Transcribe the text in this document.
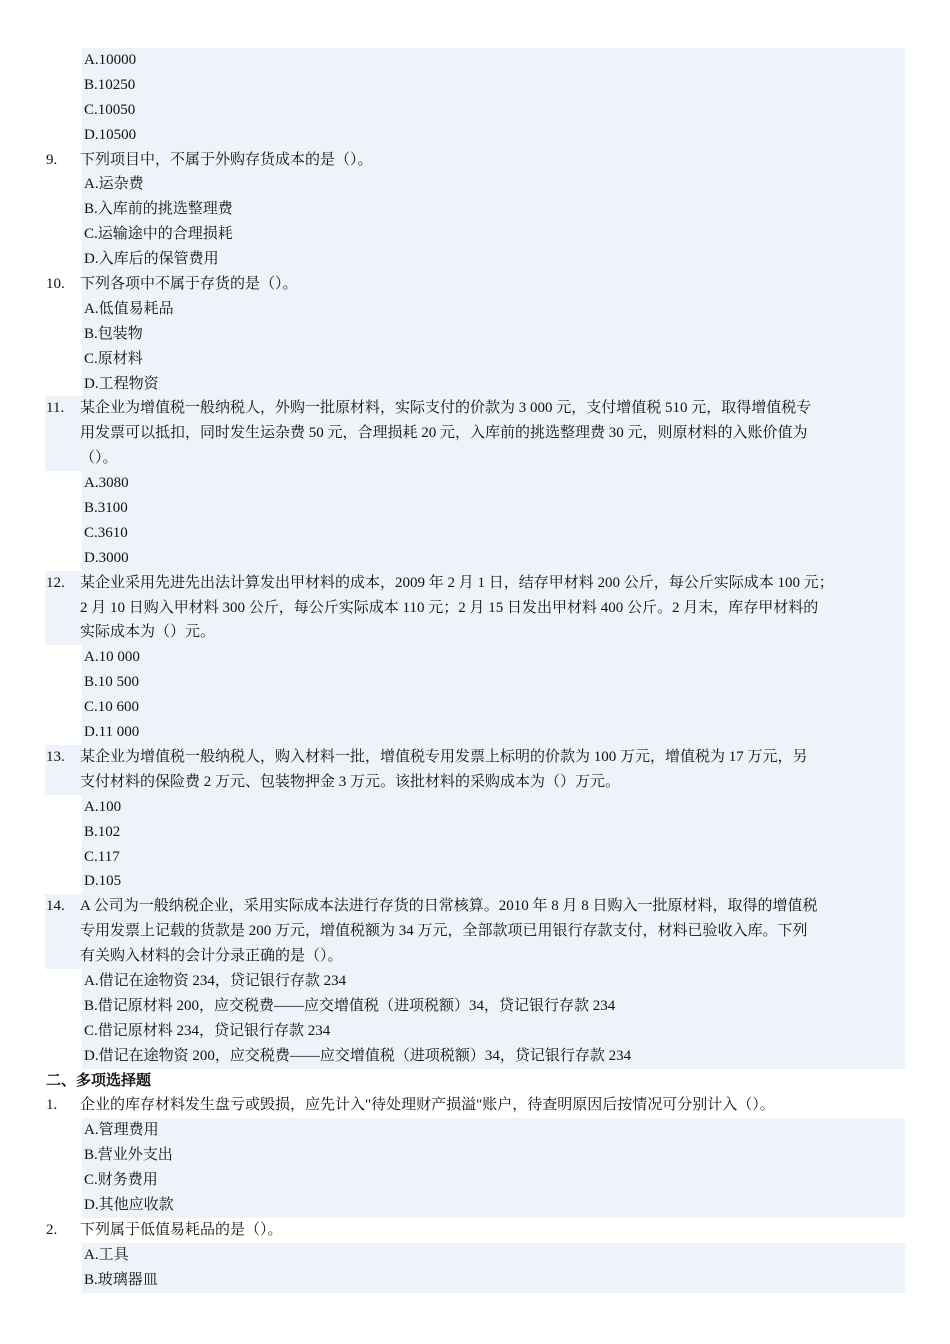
A.10000
B.10250
C.10050
D.10500
9. 下列项目中，不属于外购存货成本的是（）。
A.运杂费
B.入库前的挑选整理费
C.运输途中的合理损耗
D.入库后的保管费用
10. 下列各项中不属于存货的是（）。
A.低值易耗品
B.包装物
C.原材料
D.工程物资
11. 某企业为增值税一般纳税人，外购一批原材料，实际支付的价款为 3 000 元，支付增值税 510 元，取得增值税专
用发票可以抵扣，同时发生运杂费 50 元，合理损耗 20 元，入库前的挑选整理费 30 元，则原材料的入账价值为
（）。
A.3080
B.3100
C.3610
D.3000
12. 某企业采用先进先出法计算发出甲材料的成本，2009 年 2 月 1 日，结存甲材料 200 公斤，每公斤实际成本 100 元；
2 月 10 日购入甲材料 300 公斤，每公斤实际成本 110 元；2 月 15 日发出甲材料 400 公斤。2 月末，库存甲材料的
实际成本为（）元。
A.10 000
B.10 500
C.10 600
D.11 000
13. 某企业为增值税一般纳税人，购入材料一批，增值税专用发票上标明的价款为 100 万元，增值税为 17 万元，另
支付材料的保险费 2 万元、包装物押金 3 万元。该批材料的采购成本为（）万元。
A.100
B.102
C.117
D.105
14. A 公司为一般纳税企业，采用实际成本法进行存货的日常核算。2010 年 8 月 8 日购入一批原材料，取得的增值税
专用发票上记载的货款是 200 万元，增值税额为 34 万元，全部款项已用银行存款支付，材料已验收入库。下列
有关购入材料的会计分录正确的是（）。
A.借记在途物资 234，贷记银行存款 234
B.借记原材料 200，应交税费——应交增值税（进项税额）34，贷记银行存款 234
C.借记原材料 234，贷记银行存款 234
D.借记在途物资 200，应交税费——应交增值税（进项税额）34，贷记银行存款 234
二、多项选择题
1. 企业的库存材料发生盘亏或毁损，应先计入"待处理财产损溢"账户，待查明原因后按情况可分别计入（）。
A.管理费用
B.营业外支出
C.财务费用
D.其他应收款
2. 下列属于低值易耗品的是（）。
A.工具
B.玻璃器皿
